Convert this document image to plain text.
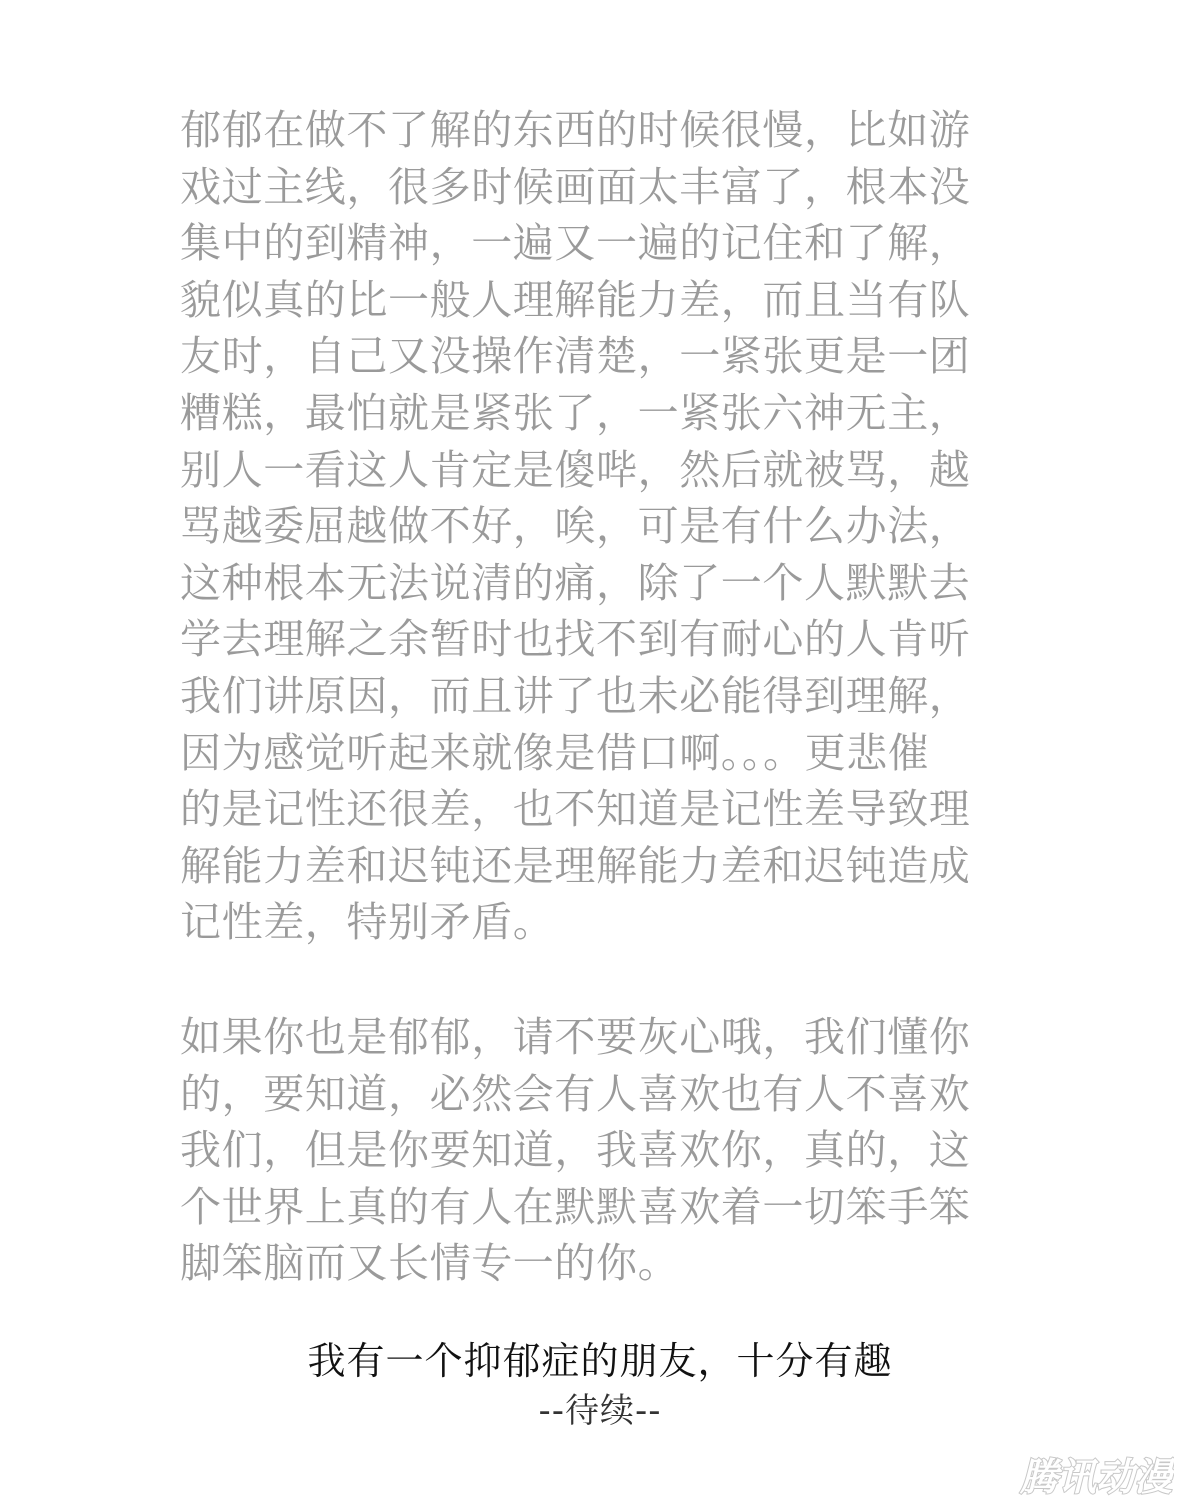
郁郁在做不了解的东西的时候很慢，比如游
戏过主线，很多时候画面太丰富了，根本没
集中的到精神，一遍又一遍的记住和了解，
貌似真的比一般人理解能力差，而且当有队
友时，自己又没操作清楚，一紧张更是一团
糟糕，最怕就是紧张了，一紧张六神无主，
别人一看这人肯定是傻哔，然后就被骂，越
骂越委屈越做不好，唉，可是有什么办法，
这种根本无法说清的痛，除了一个人默默去
学去理解之余暂时也找不到有耐心的人肯听
我们讲原因，而且讲了也未必能得到理解，
因为感觉听起来就像是借口啊。。。更悲催
的是记性还很差，也不知道是记性差导致理
解能力差和迟钝还是理解能力差和迟钝造成
记性差，特别矛盾。
如果你也是郁郁，请不要灰心哦，我们懂你
的，要知道，必然会有人喜欢也有人不喜欢
我们，但是你要知道，我喜欢你，真的，这
个世界上真的有人在默默喜欢着一切笨手笨
脚笨脑而又长情专一的你。
我有一个抑郁症的朋友，十分有趣
--待续--
腾讯动漫
